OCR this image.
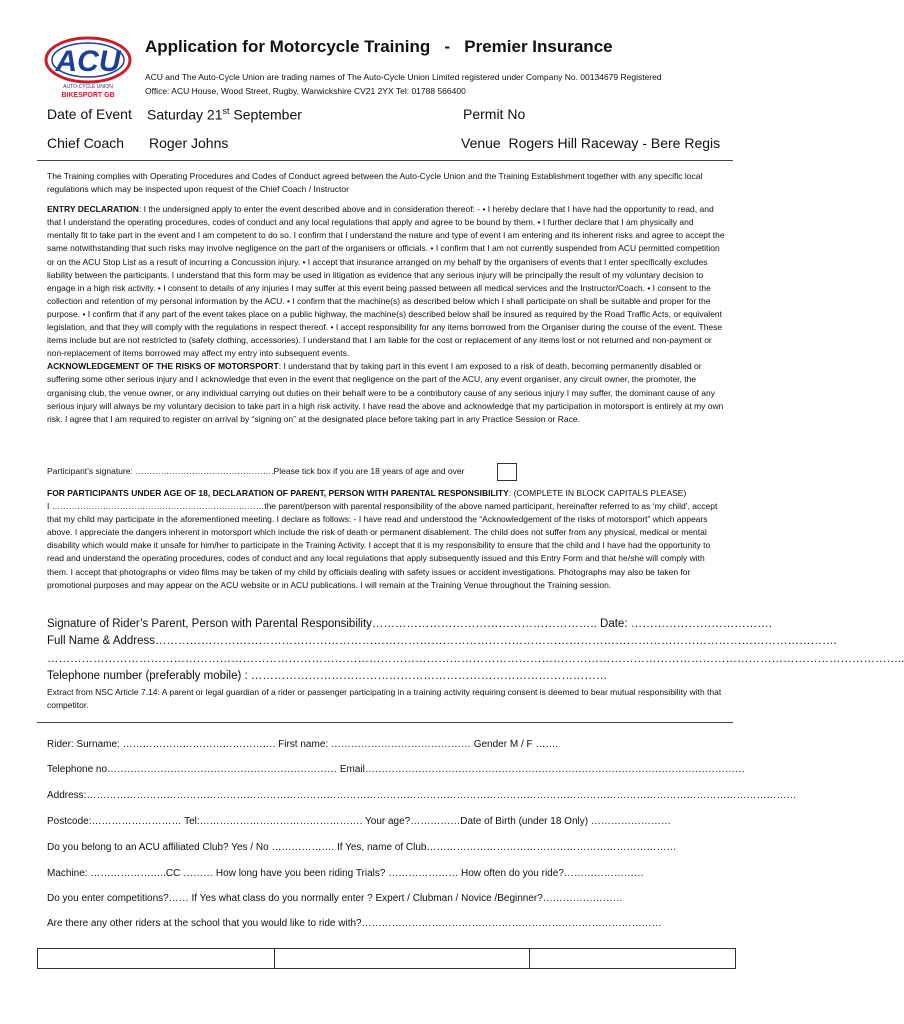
ACU
AUTO-CYCLE UNION
BIKESPORT GB
Application for Motorcycle Training   -   Premier Insurance
ACU and The Auto-Cycle Union are trading names of The Auto-Cycle Union Limited registered under Company No. 00134679 Registered
Office: ACU House, Wood Street, Rugby, Warwickshire CV21 2YX Tel: 01788 566400
Date of Event Saturday 21st September	Permit No
Chief Coach Roger Johns	Venue Rogers Hill Raceway - Bere Regis

The Training complies with Operating Procedures and Codes of Conduct agreed between the Auto-Cycle Union and the Training Establishment together with any specific local regulations which may be inspected upon request of the Chief Coach / Instructor

ENTRY DECLARATION: I the undersigned apply to enter the event described above and in consideration thereof: - • I hereby declare that I have had the opportunity to read, and that I understand the operating procedures, codes of conduct and any local regulations that apply and agree to be bound by them. • I further declare that I am physically and mentally fit to take part in the event and I am competent to do so. I confirm that I understand the nature and type of event I am entering and its inherent risks and agree to accept the same notwithstanding that such risks may involve negligence on the part of the organisers or officials. • I confirm that I am not currently suspended from ACU permitted competition or on the ACU Stop List as a result of incurring a Concussion injury. • I accept that insurance arranged on my behalf by the organisers of events that I enter specifically excludes liability between the participants. I understand that this form may be used in litigation as evidence that any serious injury will be principally the result of my voluntary decision to engage in a high risk activity. • I consent to details of any injuries I may suffer at this event being passed between all medical services and the Instructor/Coach. • I consent to the collection and retention of my personal information by the ACU. • I confirm that the machine(s) as described below which I shall participate on shall be suitable and proper for the purpose. • I confirm that if any part of the event takes place on a public highway, the machine(s) described below shall be insured as required by the Road Traffic Acts, or equivalent legislation, and that they will comply with the regulations in respect thereof. • I accept responsibility for any items borrowed from the Organiser during the course of the event. These items include but are not restricted to (safety clothing, accessories). I understand that I am liable for the cost or replacement of any items lost or not returned and non-payment or non-replacement of items borrowed may affect my entry into subsequent events.

ACKNOWLEDGEMENT OF THE RISKS OF MOTORSPORT: I understand that by taking part in this event I am exposed to a risk of death, becoming permanently disabled or suffering some other serious injury and I acknowledge that even in the event that negligence on the part of the ACU, any event organiser, any circuit owner, the promoter, the organising club, the venue owner, or any individual carrying out duties on their behalf were to be a contributory cause of any serious injury I may suffer, the dominant cause of any serious injury will always be my voluntary decision to take part in a high risk activity. I have read the above and acknowledge that my participation in motorsport is entirely at my own risk. I agree that I am required to register on arrival by “signing on” at the designated place before taking part in any Practice Session or Race.

Participant’s signature: ………………………………………….Please tick box if you are 18 years of age and over

FOR PARTICIPANTS UNDER AGE OF 18, DECLARATION OF PARENT, PERSON WITH PARENTAL RESPONSIBILITY: (COMPLETE IN BLOCK CAPITALS PLEASE)

I …………………………………………………………………the parent/person with parental responsibility of the above named participant, hereinafter referred to as ‘my child’, accept that my child may participate in the aforementioned meeting. I declare as follows: - I have read and understood the “Acknowledgement of the risks of motorsport” which appears above. I appreciate the dangers inherent in motorsport which include the risk of death or permanent disablement. The child does not suffer from any physical, medical or mental disability which would make it unsafe for him/her to participate in the Training Activity. I accept that it is my responsibility to ensure that the child and I have had the opportunity to read and understand the operating procedures, codes of conduct and any local regulations that apply subsequently issued and this Entry Form and that he/she will comply with them. I accept that photographs or video films may be taken of my child by officials dealing with safety issues or accident investigations. Photographs may also be taken for promotional purposes and may appear on the ACU website or in ACU publications. I will remain at the Training Venue throughout the Training session.

Signature of Rider’s Parent, Person with Parental Responsibility………………………………………………….. Date: ……………………………….
Full Name & Address…………………………………………………………………………………………………………………………………………………………….
……………………………………………………………………………………………………………………………………………………………………………………………………..
Telephone number (preferably mobile) : …………………………………………………………………………………
Extract from NSC Article 7.14: A parent or legal guardian of a rider or passenger participating in a training activity requiring consent is deemed to bear mutual responsibility with that competitor.
Rider: Surname: ………………………………………. First name: …………………………………… Gender M / F …….
Telephone no…………………………………………………………… Email……………………………………………………………………………………………………
Address:……………………………………………………………………………………………………………………………………………………………………………………………
Postcode:……………………… Tel:…………………………………………. Your age?……………Date of Birth (under 18 Only) ……………………
Do you belong to an ACU affiliated Club? Yes / No ………………. If Yes, name of Club…………………………………………………………………
Machine: …………………..CC ……… How long have you been riding Trials? ………………… How often do you ride?……………………
Do you enter competitions?…… If Yes what class do you normally enter ? Expert / Clubman / Novice /Beginner?……………………
Are there any other riders at the school that you would like to ride with?………………………………………………………………………………
